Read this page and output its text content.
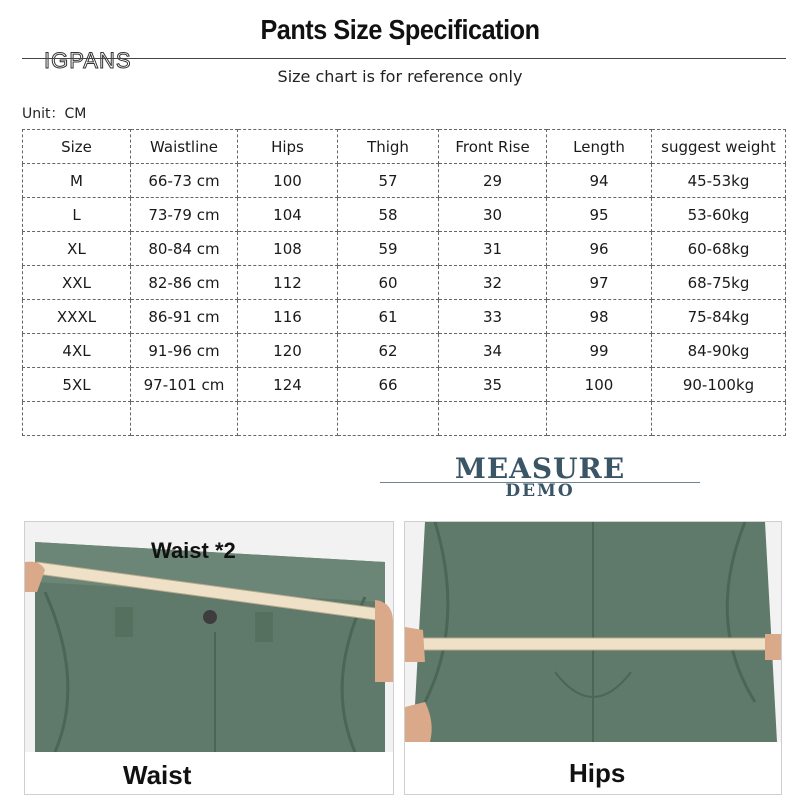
Pants Size Specification
IGPANS
Size chart is for reference only
Unit：CM
Size	Waistline	Hips	Thigh	Front Rise	Length	suggest weight
M	66-73 cm	100	57	29	94	45-53kg
L	73-79 cm	104	58	30	95	53-60kg
XL	80-84 cm	108	59	31	96	60-68kg
XXL	82-86 cm	112	60	32	97	68-75kg
XXXL	86-91 cm	116	61	33	98	75-84kg
4XL	91-96 cm	120	62	34	99	84-90kg
5XL	97-101 cm	124	66	35	100	90-100kg

MEASURE
DEMO
Waist *2
Waist	Hips
